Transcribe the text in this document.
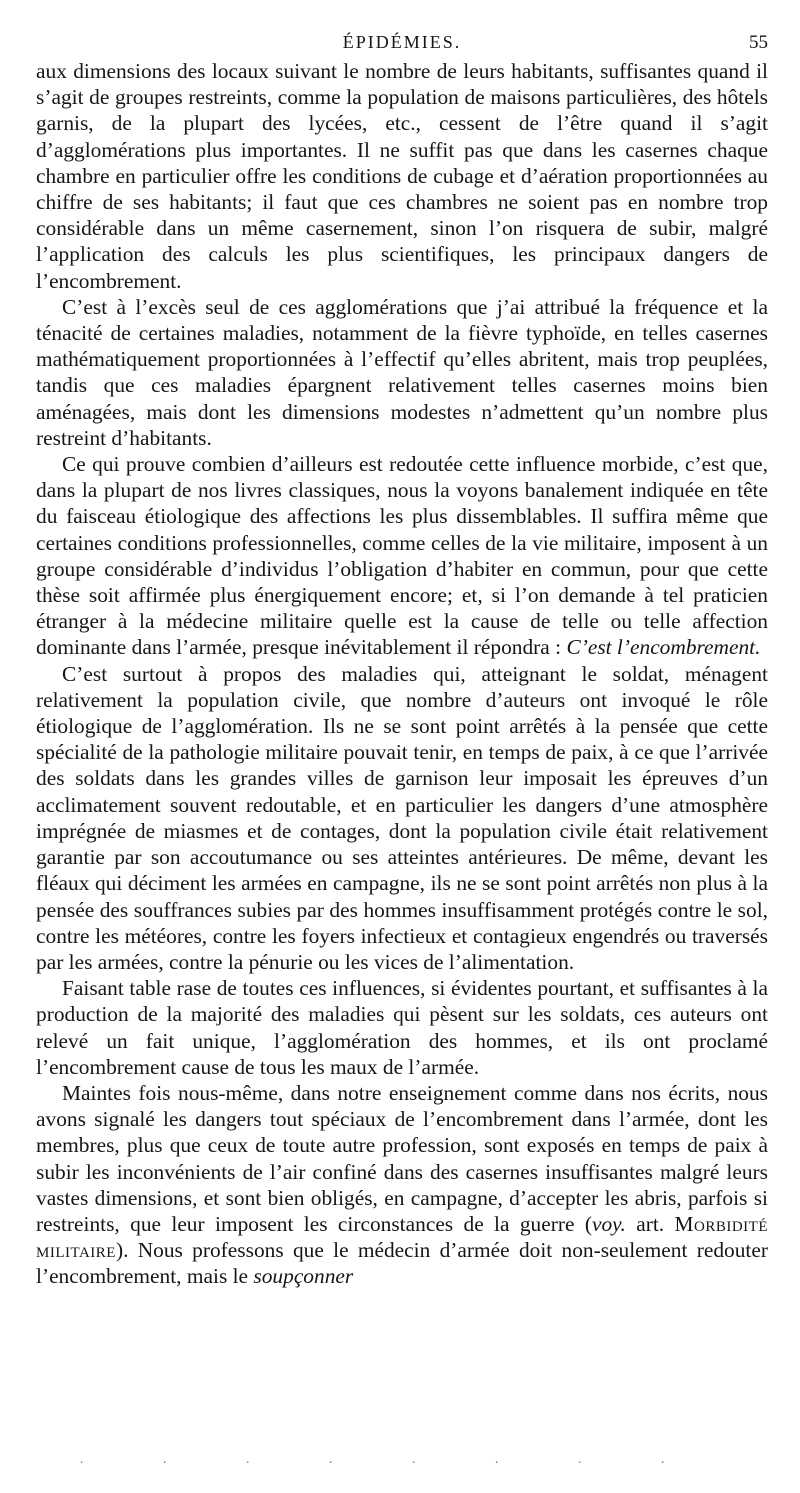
ÉPIDÉMIES.	55

aux dimensions des locaux suivant le nombre de leurs habitants, suffisantes quand il s’agit de groupes restreints, comme la population de maisons particulières, des hôtels garnis, de la plupart des lycées, etc., cessent de l’être quand il s’agit d’agglomérations plus importantes. Il ne suffit pas que dans les casernes chaque chambre en particulier offre les conditions de cubage et d’aération proportionnées au chiffre de ses habitants; il faut que ces chambres ne soient pas en nombre trop considérable dans un même casernement, sinon l’on risquera de subir, malgré l’application des calculs les plus scientifiques, les principaux dangers de l’encombrement.

C’est à l’excès seul de ces agglomérations que j’ai attribué la fréquence et la ténacité de certaines maladies, notamment de la fièvre typhoïde, en telles casernes mathématiquement proportionnées à l’effectif qu’elles abritent, mais trop peuplées, tandis que ces maladies épargnent relativement telles casernes moins bien aménagées, mais dont les dimensions modestes n’admettent qu’un nombre plus restreint d’habitants.

Ce qui prouve combien d’ailleurs est redoutée cette influence morbide, c’est que, dans la plupart de nos livres classiques, nous la voyons banalement indiquée en tête du faisceau étiologique des affections les plus dissemblables. Il suffira même que certaines conditions professionnelles, comme celles de la vie militaire, imposent à un groupe considérable d’individus l’obligation d’habiter en commun, pour que cette thèse soit affirmée plus énergiquement encore; et, si l’on demande à tel praticien étranger à la médecine militaire quelle est la cause de telle ou telle affection dominante dans l’armée, presque inévitablement il répondra : C’est l’encombrement.

C’est surtout à propos des maladies qui, atteignant le soldat, ménagent relativement la population civile, que nombre d’auteurs ont invoqué le rôle étiologique de l’agglomération. Ils ne se sont point arrêtés à la pensée que cette spécialité de la pathologie militaire pouvait tenir, en temps de paix, à ce que l’arrivée des soldats dans les grandes villes de garnison leur imposait les épreuves d’un acclimatement souvent redoutable, et en particulier les dangers d’une atmosphère imprégnée de miasmes et de contages, dont la population civile était relativement garantie par son accoutumance ou ses atteintes antérieures. De même, devant les fléaux qui déciment les armées en campagne, ils ne se sont point arrêtés non plus à la pensée des souffrances subies par des hommes insuffisamment protégés contre le sol, contre les météores, contre les foyers infectieux et contagieux engendrés ou traversés par les armées, contre la pénurie ou les vices de l’alimentation.

Faisant table rase de toutes ces influences, si évidentes pourtant, et suffisantes à la production de la majorité des maladies qui pèsent sur les soldats, ces auteurs ont relevé un fait unique, l’agglomération des hommes, et ils ont proclamé l’encombrement cause de tous les maux de l’armée.

Maintes fois nous-même, dans notre enseignement comme dans nos écrits, nous avons signalé les dangers tout spéciaux de l’encombrement dans l’armée, dont les membres, plus que ceux de toute autre profession, sont exposés en temps de paix à subir les inconvénients de l’air confiné dans des casernes insuffisantes malgré leurs vastes dimensions, et sont bien obligés, en campagne, d’accepter les abris, parfois si restreints, que leur imposent les circonstances de la guerre (voy. art. Morbidité militaire). Nous professons que le médecin d’armée doit non-seulement redouter l’encombrement, mais le soupçonner

. . . . . . . .
